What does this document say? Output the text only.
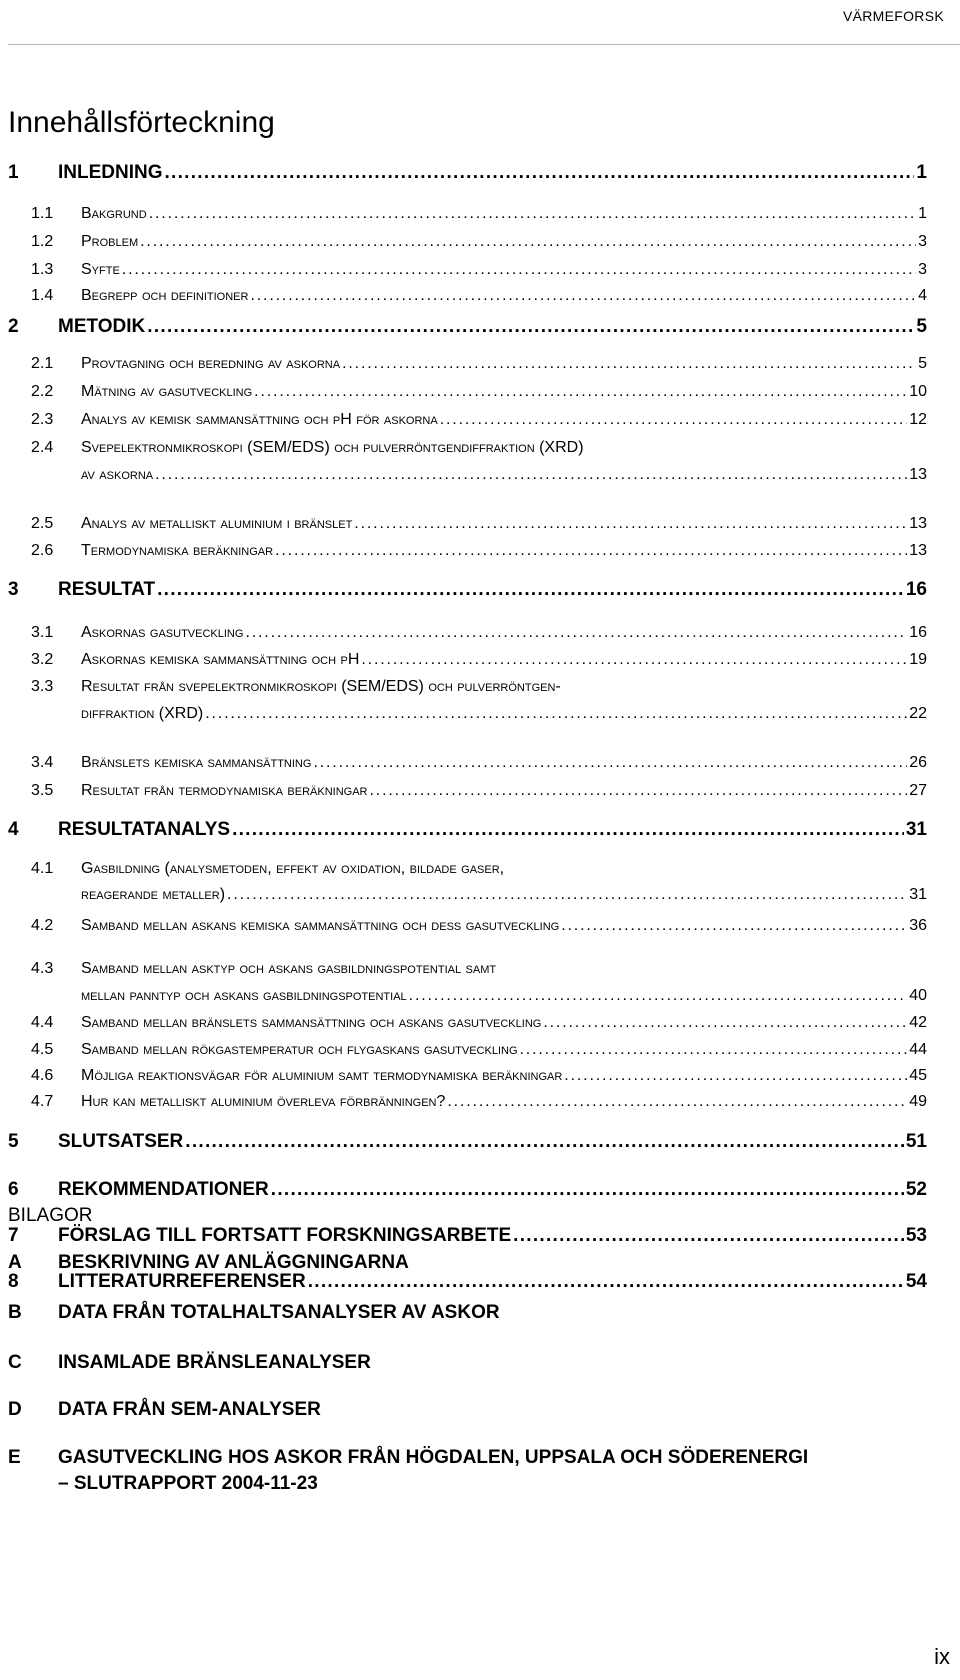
VÄRMEFORSK
Innehållsförteckning
1	INLEDNING . . .	1
1.1	Bakgrund . . .	1
1.2	Problem . . .	3
1.3	Syfte . . .	3
1.4	Begrepp och definitioner . . .	4
2	METODIK . . .	5
2.1	Provtagning och beredning av askorna . . .	5
2.2	Mätning av gasutveckling . . .	10
2.3	Analys av kemisk sammansättning och pH för askorna . . .	12
2.4	Svepelektronmikroskopi (SEM/EDS) och pulverröntgendiffraktion (XRD)
av askorna . . .	13
2.5	Analys av metalliskt aluminium i bränslet . . .	13
2.6	Termodynamiska beräkningar . . .	13
3	RESULTAT . . .	16
3.1	Askornas gasutveckling . . .	16
3.2	Askornas kemiska sammansättning och pH . . .	19
3.3	Resultat från svepelektronmikroskopi (SEM/EDS) och pulverröntgen-
diffraktion (XRD) . . .	22
3.4	Bränslets kemiska sammansättning . . .	26
3.5	Resultat från termodynamiska beräkningar . . .	27
4	RESULTATANALYS . . .	31
4.1	Gasbildning (analysmetoden, effekt av oxidation, bildade gaser,
reagerande metaller) . . .	31
4.2	Samband mellan askans kemiska sammansättning och dess gasutveckling . . .	36
4.3	Samband mellan asktyp och askans gasbildningspotential samt
mellan panntyp och askans gasbildningspotential . . .	40
4.4	Samband mellan bränslets sammansättning och askans gasutveckling . . .	42
4.5	Samband mellan rökgastemperatur och flygaskans gasutveckling . . .	44
4.6	Möjliga reaktionsvägar för aluminium samt termodynamiska beräkningar . . .	45
4.7	Hur kan metalliskt aluminium överleva förbränningen? . . .	49
5	SLUTSATSER . . .	51
6	REKOMMENDATIONER . . .	52
7	FÖRSLAG TILL FORTSATT FORSKNINGSARBETE . . .	53
8	LITTERATURREFERENSER . . .	54
BILAGOR
A	BESKRIVNING AV ANLÄGGNINGARNA
B	DATA FRÅN TOTALHALTSANALYSER AV ASKOR
C	INSAMLADE BRÄNSLEANALYSER
D	DATA FRÅN SEM-ANALYSER
E	GASUTVECKLING HOS ASKOR FRÅN HÖGDALEN, UPPSALA OCH SÖDERENERGI
– SLUTRAPPORT 2004-11-23
ix
